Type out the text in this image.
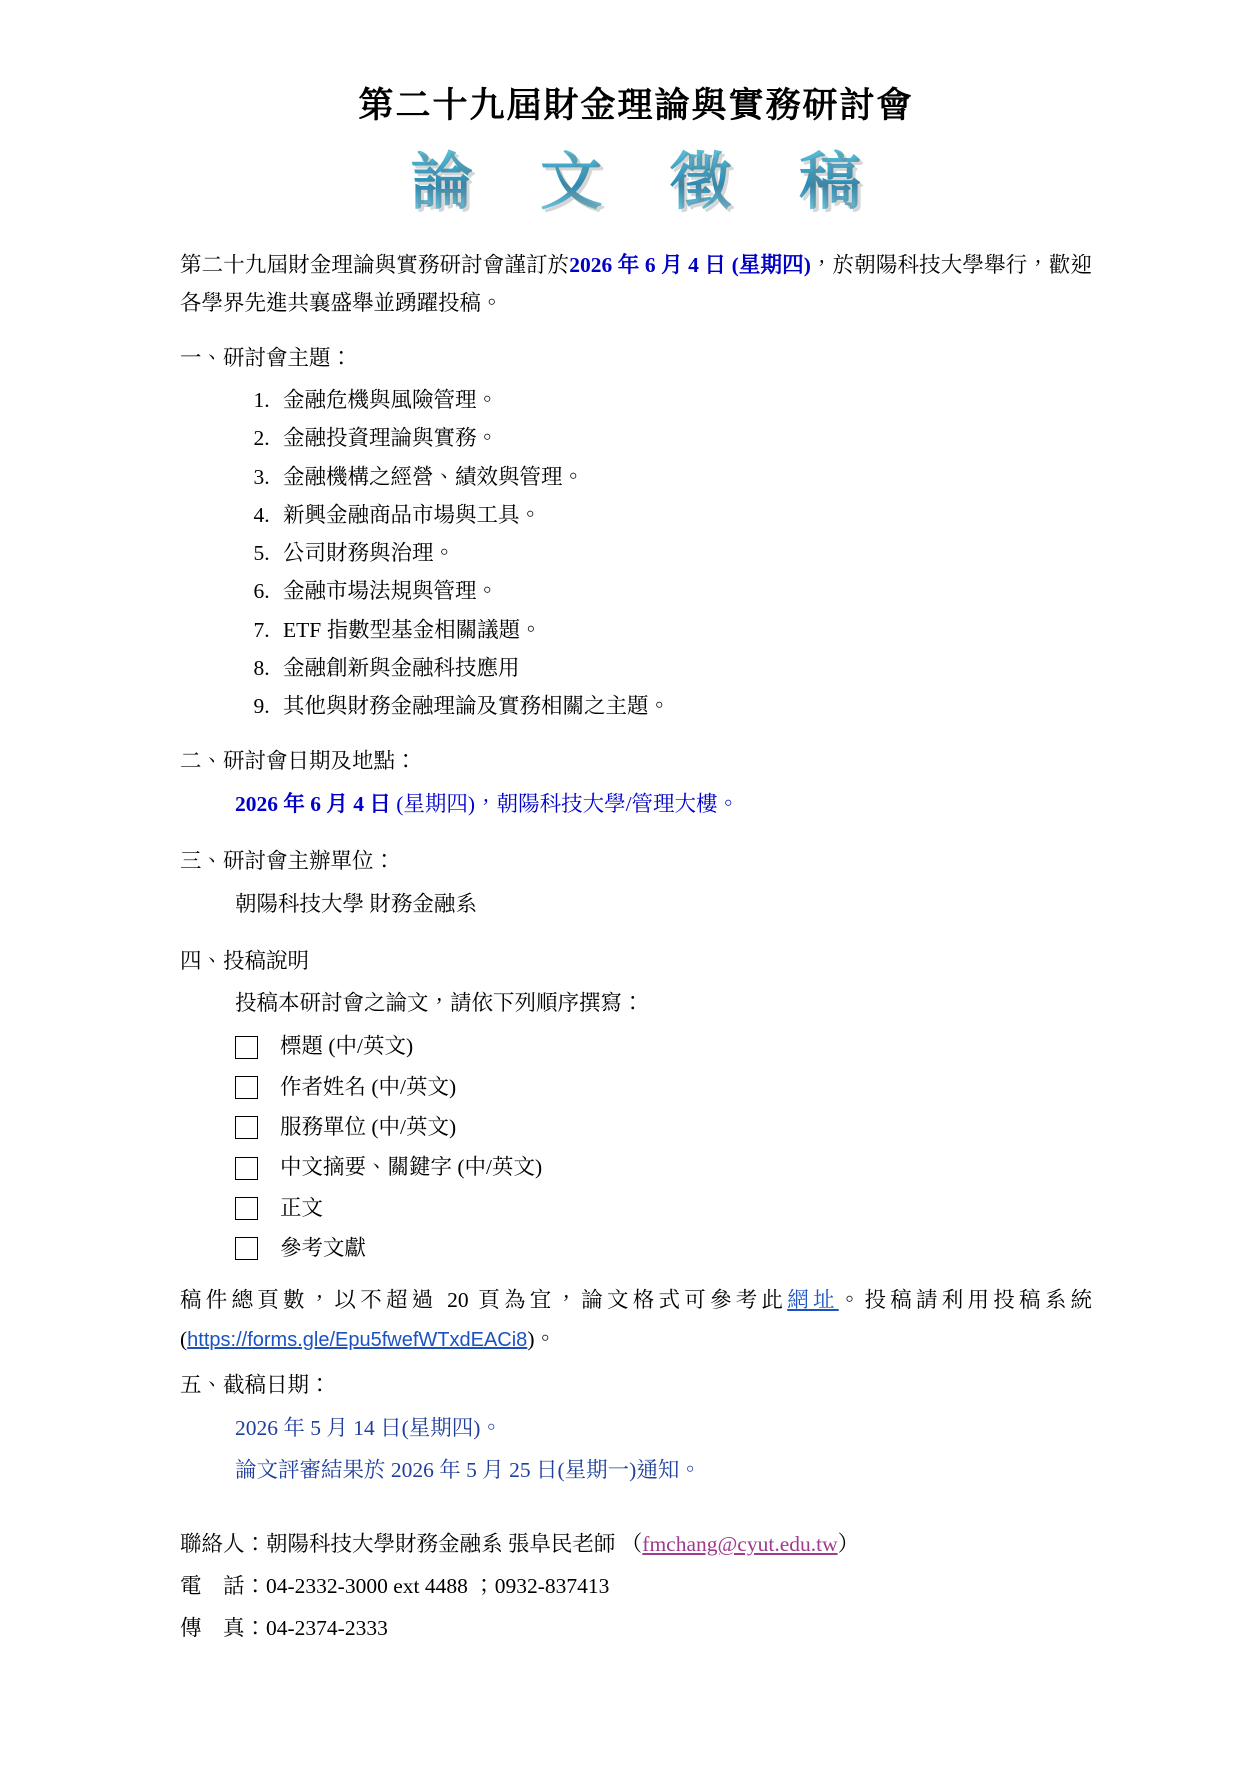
第二十九屆財金理論與實務研討會
論 文 徵 稿

第二十九屆財金理論與實務研討會謹訂於2026 年 6 月 4 日 (星期四)，於朝陽科技大學舉行，歡迎各學界先進共襄盛舉並踴躍投稿。

一、研討會主題：
1. 金融危機與風險管理。
2. 金融投資理論與實務。
3. 金融機構之經營、績效與管理。
4. 新興金融商品市場與工具。
5. 公司財務與治理。
6. 金融市場法規與管理。
7. ETF 指數型基金相關議題。
8. 金融創新與金融科技應用
9. 其他與財務金融理論及實務相關之主題。
二、研討會日期及地點：
2026 年 6 月 4 日 (星期四)，朝陽科技大學/管理大樓。
三、研討會主辦單位：
朝陽科技大學 財務金融系
四、投稿說明
投稿本研討會之論文，請依下列順序撰寫：
標題 (中/英文)
作者姓名 (中/英文)
服務單位 (中/英文)
中文摘要、關鍵字 (中/英文)
正文
參考文獻

稿件總頁數，以不超過 20 頁為宜，論文格式可參考此網址。投稿請利用投稿系統(https://forms.gle/Epu5fwefWTxdEACi8)。

五、截稿日期：
2026 年 5 月 14 日(星期四)。
論文評審結果於 2026 年 5 月 25 日(星期一)通知。
聯絡人：朝陽科技大學財務金融系 張阜民老師 （fmchang@cyut.edu.tw）
電　話：04-2332-3000 ext 4488 ；0932-837413
傳　真：04-2374-2333
